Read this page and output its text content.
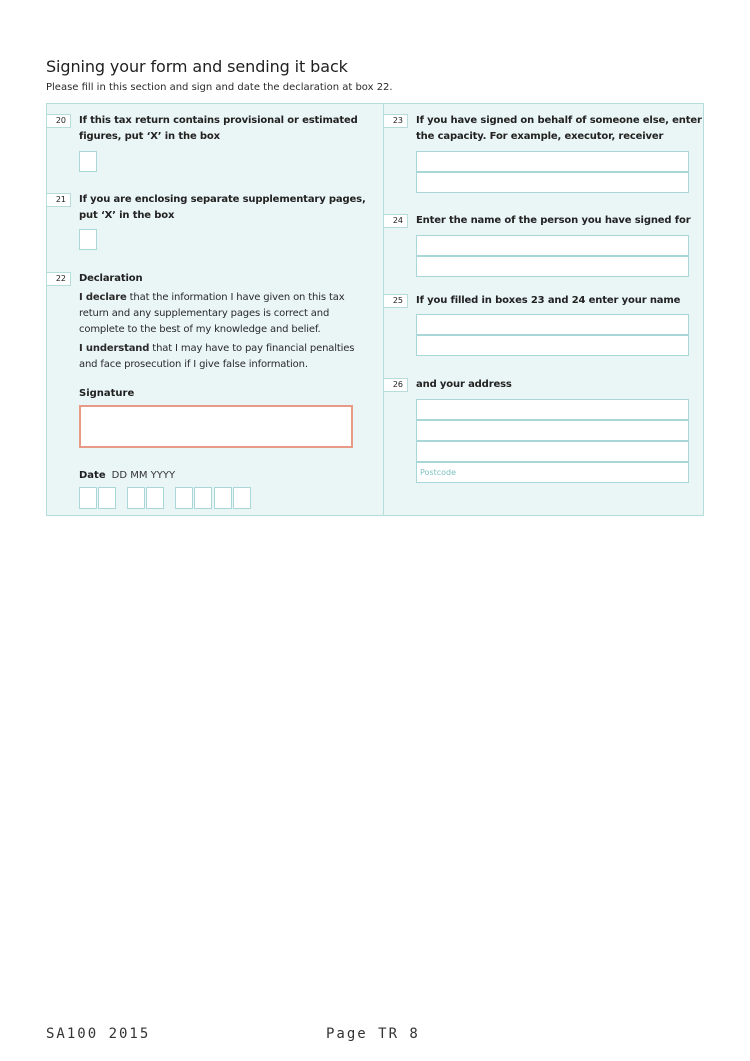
Signing your form and sending it back
Please fill in this section and sign and date the declaration at box 22.
20	If this tax return contains provisional or estimated
figures, put ‘X’ in the box
21	If you are enclosing separate supplementary pages,
put ‘X’ in the box
22	Declaration
I declare that the information I have given on this tax
return and any supplementary pages is correct and
complete to the best of my knowledge and belief.
I understand that I may have to pay financial penalties
and face prosecution if I give false information.
Signature
Date DD MM YYYY
23	If you have signed on behalf of someone else, enter
the capacity. For example, executor, receiver
24	Enter the name of the person you have signed for
25	If you filled in boxes 23 and 24 enter your name
26	and your address
Postcode
SA100 2015	Page TR 8
